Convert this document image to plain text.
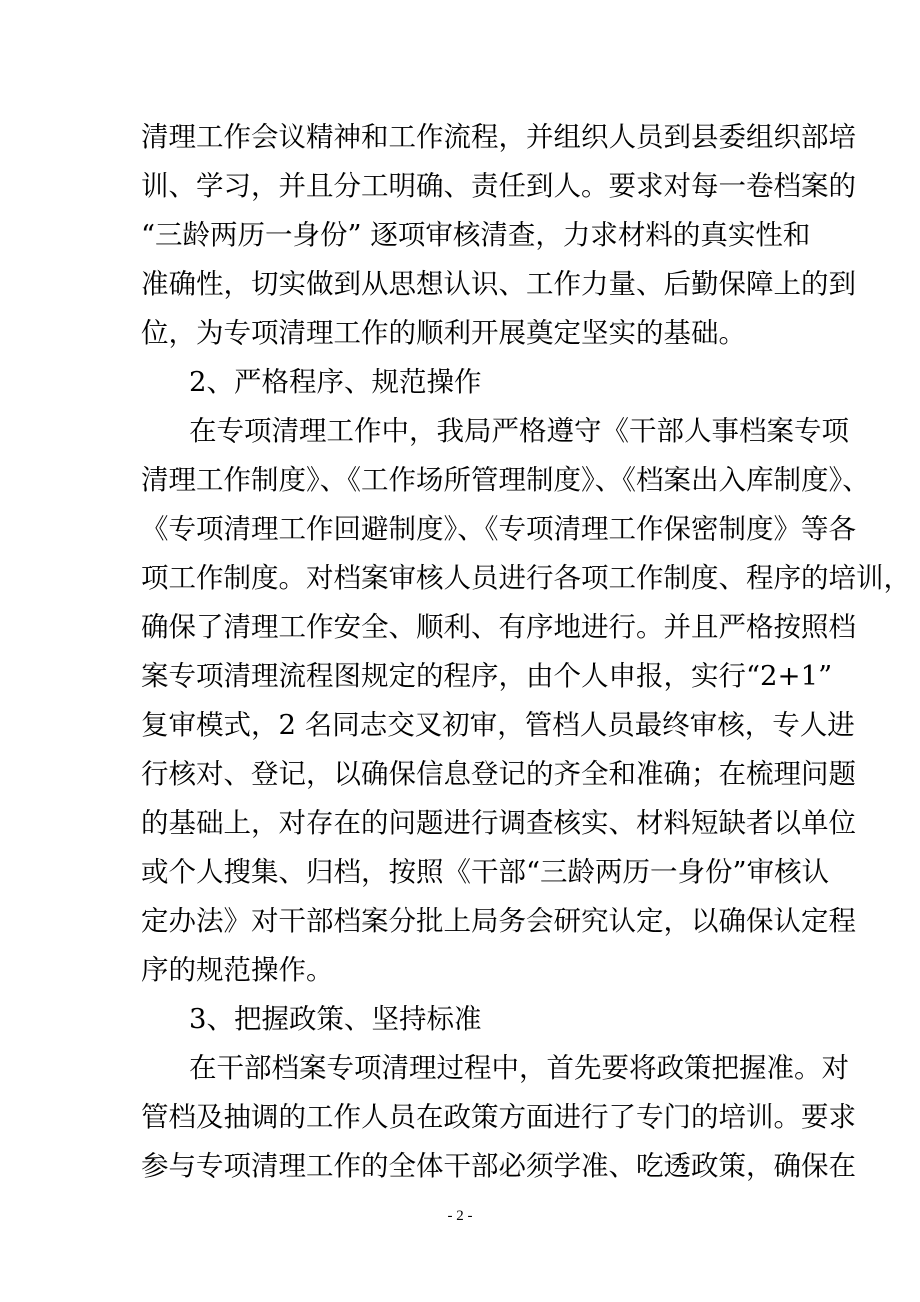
清理工作会议精神和工作流程，并组织人员到县委组织部培
训、学习，并且分工明确、责任到人。要求对每一卷档案的
“三龄两历一身份” 逐项审核清查，力求材料的真实性和
准确性，切实做到从思想认识、工作力量、后勤保障上的到
位，为专项清理工作的顺利开展奠定坚实的基础。
2、严格程序、规范操作
在专项清理工作中，我局严格遵守《干部人事档案专项
清理工作制度》、《工作场所管理制度》、《档案出入库制度》、
《专项清理工作回避制度》、《专项清理工作保密制度》等各
项工作制度。对档案审核人员进行各项工作制度、程序的培训，
确保了清理工作安全、顺利、有序地进行。并且严格按照档
案专项清理流程图规定的程序，由个人申报，实行“2+1”
复审模式，2 名同志交叉初审，管档人员最终审核，专人进
行核对、登记，以确保信息登记的齐全和准确；在梳理问题
的基础上，对存在的问题进行调查核实、材料短缺者以单位
或个人搜集、归档，按照《干部“三龄两历一身份”审核认
定办法》对干部档案分批上局务会研究认定，以确保认定程
序的规范操作。
3、把握政策、坚持标准
在干部档案专项清理过程中，首先要将政策把握准。对
管档及抽调的工作人员在政策方面进行了专门的培训。要求
参与专项清理工作的全体干部必须学准、吃透政策，确保在
- 2 -
